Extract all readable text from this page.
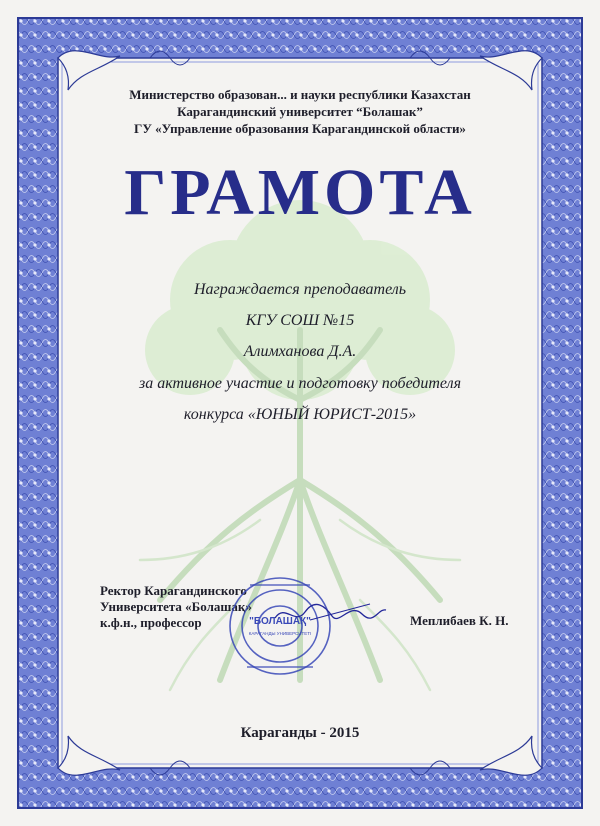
Министерство образован... и науки республики Казахстан
Карагандинский университет “Болашак”
ГУ «Управление образования Карагандинской области»
ГРАМОТА
Награждается преподаватель
КГУ СОШ №15
Алимханова Д.А.
за активное участие и подготовку победителя
конкурса «ЮНЫЙ ЮРИСТ-2015»
Ректор Карагандинского
Университета «Болашақ»
к.ф.н., профессор	Меплибаев К. Н.
"БОЛАШАҚ"
КАРАГАНДЫ УНИВЕРСИТЕТІ
Караганды - 2015
